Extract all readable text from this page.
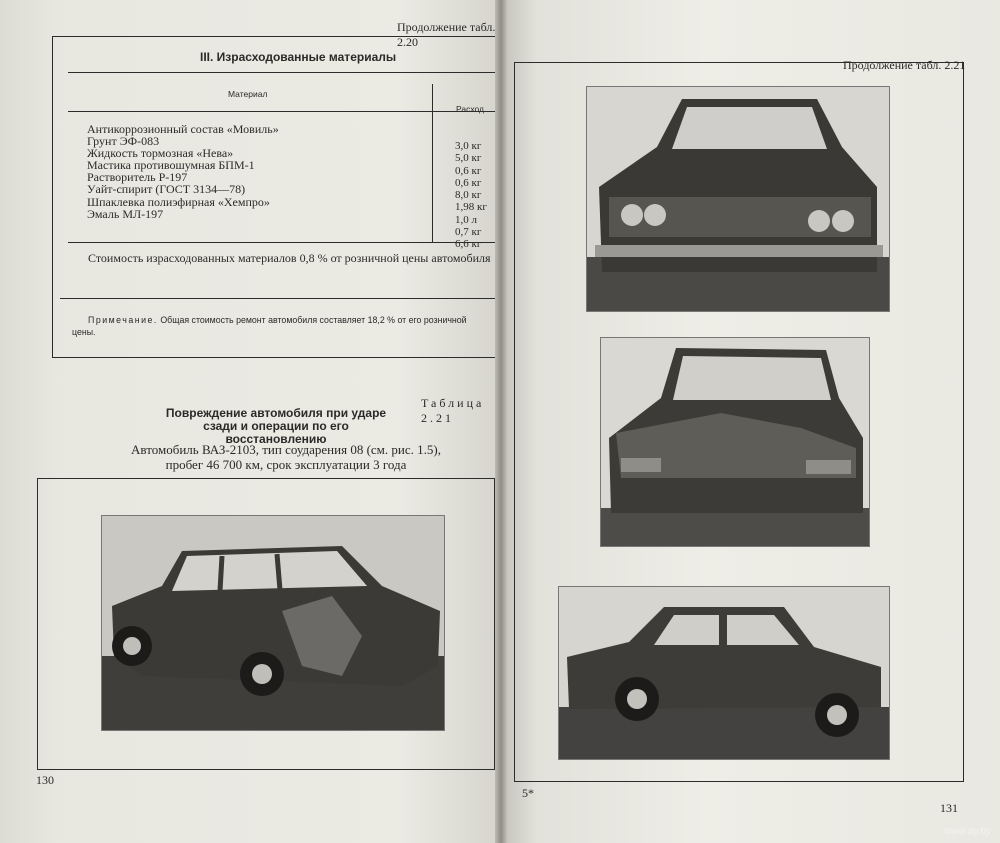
Продолжение табл. 2.20
III. Израсходованные материалы
Материал
Расход
Антикоррозионный состав «Мовиль»
Грунт ЭФ-083
Жидкость тормозная «Нева»
Мастика противошумная БПМ-1
Растворитель Р-197
Уайт-спирит (ГОСТ 3134—78)
Шпаклевка полиэфирная «Хемпро»
Эмаль МЛ-197
3,0 кг
5,0 кг
0,6 кг
0,6 кг
8,0 кг
1,98 кг
1,0 л
0,7 кг
6,6 кг
Стоимость израсходованных материалов 0,8 % от розничной цены автомобиля
Примечание. Общая стоимость ремонт автомобиля составляет 18,2 % от его розничной цены.
Таблица 2.21
Повреждение автомобиля при ударе сзади и операции по его восстановлению
Автомобиль ВАЗ-2103, тип соударения 08 (см. рис. 1.5), пробег 46 700 км, срок эксплуатации 3 года
130
Продолжение табл. 2.21
5*
131
www.ay.by
